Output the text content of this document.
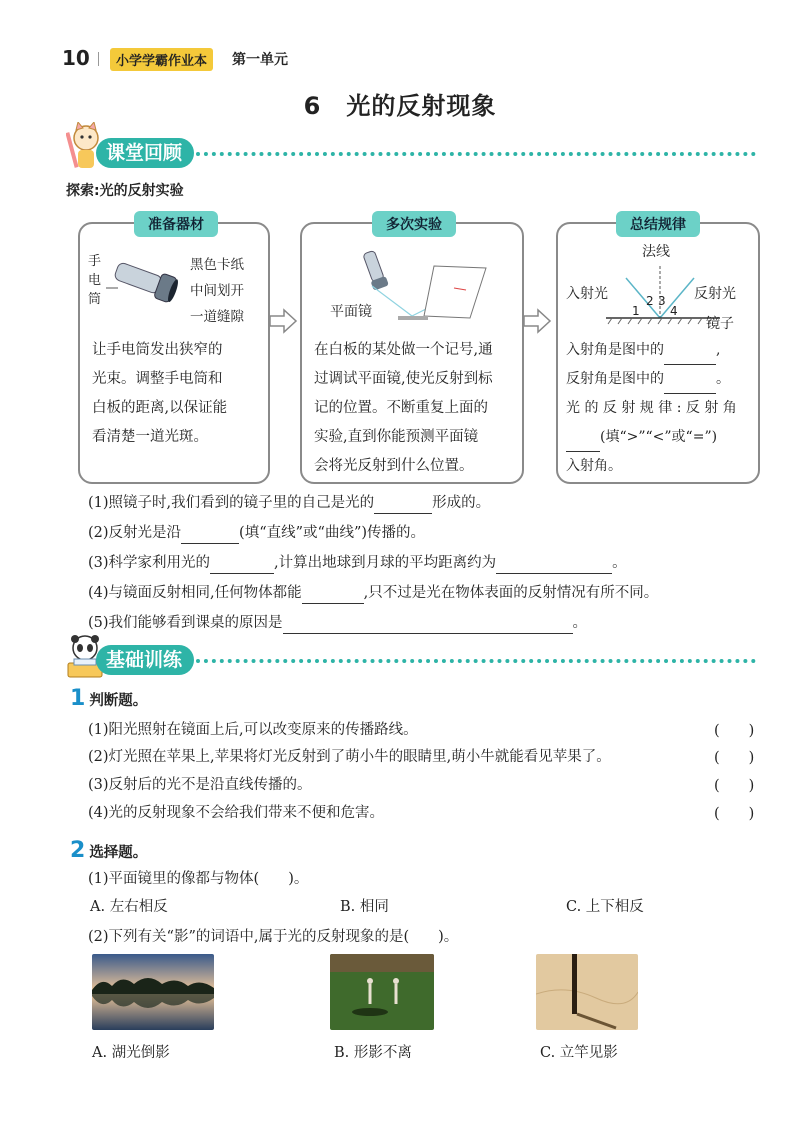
10	小学学霸作业本	第一单元
6　光的反射现象
课堂回顾
探索:光的反射实验
准备器材
手
电
筒
黑色卡纸
中间划开
一道缝隙
让手电筒发出狭窄的
光束。调整手电筒和
白板的距离,以保证能
看清楚一道光斑。
多次实验
平面镜
在白板的某处做一个记号,通
过调试平面镜,使光反射到标
记的位置。不断重复上面的
实验,直到你能预测平面镜
会将光反射到什么位置。
总结规律
法线
入射光	反射光
1
2 3
4
镜子
入射角是图中的	,
反射角是图中的	。
光 的 反 射 规 律 : 反 射 角
(填“>”“<”或“=”)
入射角。
(1)照镜子时,我们看到的镜子里的自己是光的	形成的。
(2)反射光是沿	(填“直线”或“曲线”)传播的。
(3)科学家利用光的	,计算出地球到月球的平均距离约为	。
(4)与镜面反射相同,任何物体都能	,只不过是光在物体表面的反射情况有所不同。
(5)我们能够看到课桌的原因是	。
基础训练
1 判断题。
(1)阳光照射在镜面上后,可以改变原来的传播路线。	(　　)
(2)灯光照在苹果上,苹果将灯光反射到了萌小牛的眼睛里,萌小牛就能看见苹果了。	(　　)
(3)反射后的光不是沿直线传播的。	(　　)
(4)光的反射现象不会给我们带来不便和危害。	(　　)
2 选择题。
(1)平面镜里的像都与物体(　　)。
A. 左右相反	B. 相同	C. 上下相反
(2)下列有关“影”的词语中,属于光的反射现象的是(　　)。
A. 湖光倒影	B. 形影不离	C. 立竿见影
